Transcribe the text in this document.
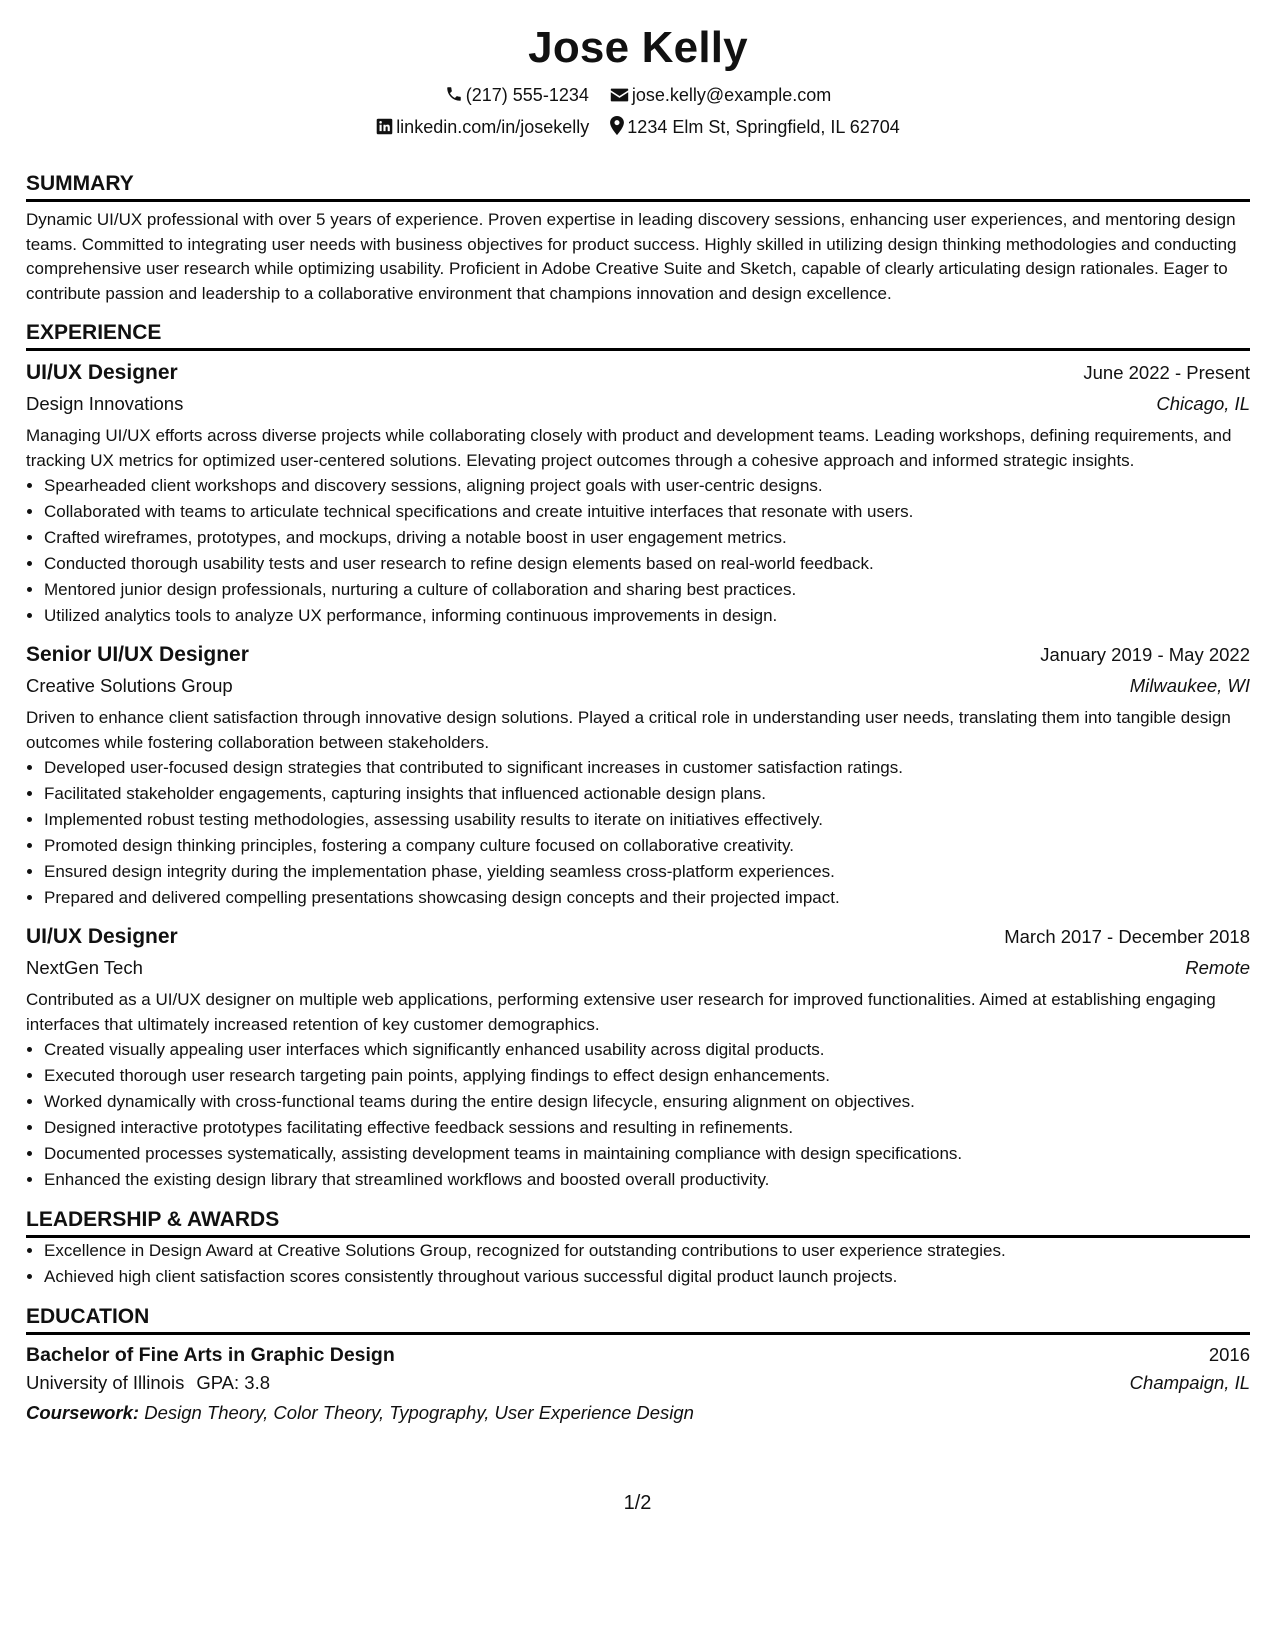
Jose Kelly
(217) 555-1234 jose.kelly@example.com
linkedin.com/in/josekelly 1234 Elm St, Springfield, IL 62704
SUMMARY

Dynamic UI/UX professional with over 5 years of experience. Proven expertise in leading discovery sessions, enhancing user experiences, and mentoring design teams. Committed to integrating user needs with business objectives for product success. Highly skilled in utilizing design thinking methodologies and conducting comprehensive user research while optimizing usability. Proficient in Adobe Creative Suite and Sketch, capable of clearly articulating design rationales. Eager to contribute passion and leadership to a collaborative environment that champions innovation and design excellence.

EXPERIENCE
UI/UX Designer	June 2022 - Present
Design Innovations	Chicago, IL

Managing UI/UX efforts across diverse projects while collaborating closely with product and development teams. Leading workshops, defining requirements, and tracking UX metrics for optimized user-centered solutions. Elevating project outcomes through a cohesive approach and informed strategic insights.

• Spearheaded client workshops and discovery sessions, aligning project goals with user-centric designs.
• Collaborated with teams to articulate technical specifications and create intuitive interfaces that resonate with users.
• Crafted wireframes, prototypes, and mockups, driving a notable boost in user engagement metrics.
• Conducted thorough usability tests and user research to refine design elements based on real-world feedback.
• Mentored junior design professionals, nurturing a culture of collaboration and sharing best practices.
• Utilized analytics tools to analyze UX performance, informing continuous improvements in design.
Senior UI/UX Designer	January 2019 - May 2022
Creative Solutions Group	Milwaukee, WI

Driven to enhance client satisfaction through innovative design solutions. Played a critical role in understanding user needs, translating them into tangible design outcomes while fostering collaboration between stakeholders.

• Developed user-focused design strategies that contributed to significant increases in customer satisfaction ratings.
• Facilitated stakeholder engagements, capturing insights that influenced actionable design plans.
• Implemented robust testing methodologies, assessing usability results to iterate on initiatives effectively.
• Promoted design thinking principles, fostering a company culture focused on collaborative creativity.
• Ensured design integrity during the implementation phase, yielding seamless cross-platform experiences.
• Prepared and delivered compelling presentations showcasing design concepts and their projected impact.
UI/UX Designer	March 2017 - December 2018
NextGen Tech	Remote

Contributed as a UI/UX designer on multiple web applications, performing extensive user research for improved functionalities. Aimed at establishing engaging interfaces that ultimately increased retention of key customer demographics.

• Created visually appealing user interfaces which significantly enhanced usability across digital products.
• Executed thorough user research targeting pain points, applying findings to effect design enhancements.
• Worked dynamically with cross-functional teams during the entire design lifecycle, ensuring alignment on objectives.
• Designed interactive prototypes facilitating effective feedback sessions and resulting in refinements.
• Documented processes systematically, assisting development teams in maintaining compliance with design specifications.
• Enhanced the existing design library that streamlined workflows and boosted overall productivity.
LEADERSHIP & AWARDS
• Excellence in Design Award at Creative Solutions Group, recognized for outstanding contributions to user experience strategies.
• Achieved high client satisfaction scores consistently throughout various successful digital product launch projects.
EDUCATION
Bachelor of Fine Arts in Graphic Design	2016
University of Illinois GPA: 3.8	Champaign, IL
Coursework: Design Theory, Color Theory, Typography, User Experience Design
1/2
